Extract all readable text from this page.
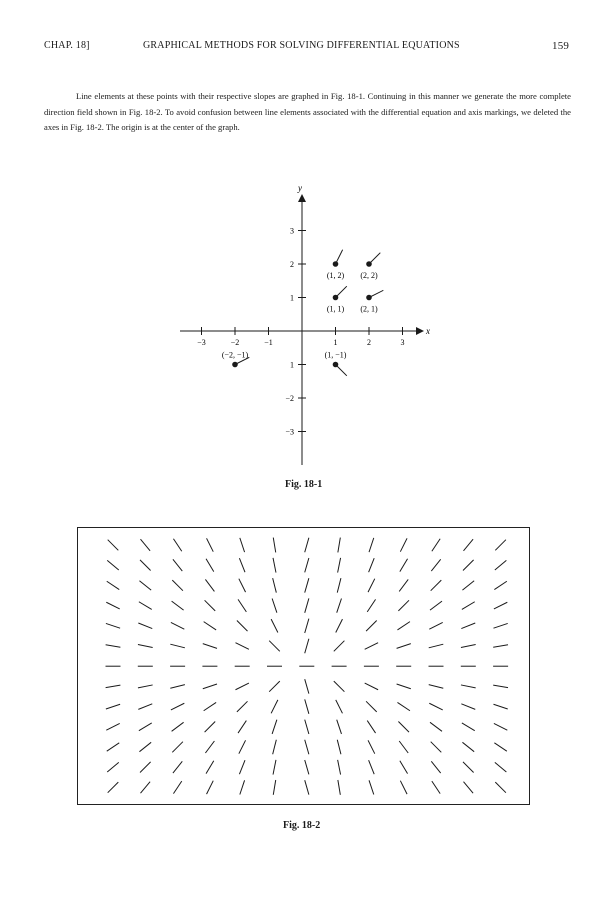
CHAP. 18]	GRAPHICAL METHODS FOR SOLVING DIFFERENTIAL EQUATIONS	159

Line elements at these points with their respective slopes are graphed in Fig. 18-1. Continuing in this manner we generate the more complete direction field shown in Fig. 18-2. To avoid confusion between line elements associated with the differential equation and axis markings, we deleted the axes in Fig. 18-2. The origin is at the center of the graph.

−3	−2	−1	1	2	3
3
2
1
1
−2
−3
(1, 2) (2, 2)
(1, 1) (2, 1)
(−2, −1)	(1, −1)
x
y
Fig. 18-1
Fig. 18-2
